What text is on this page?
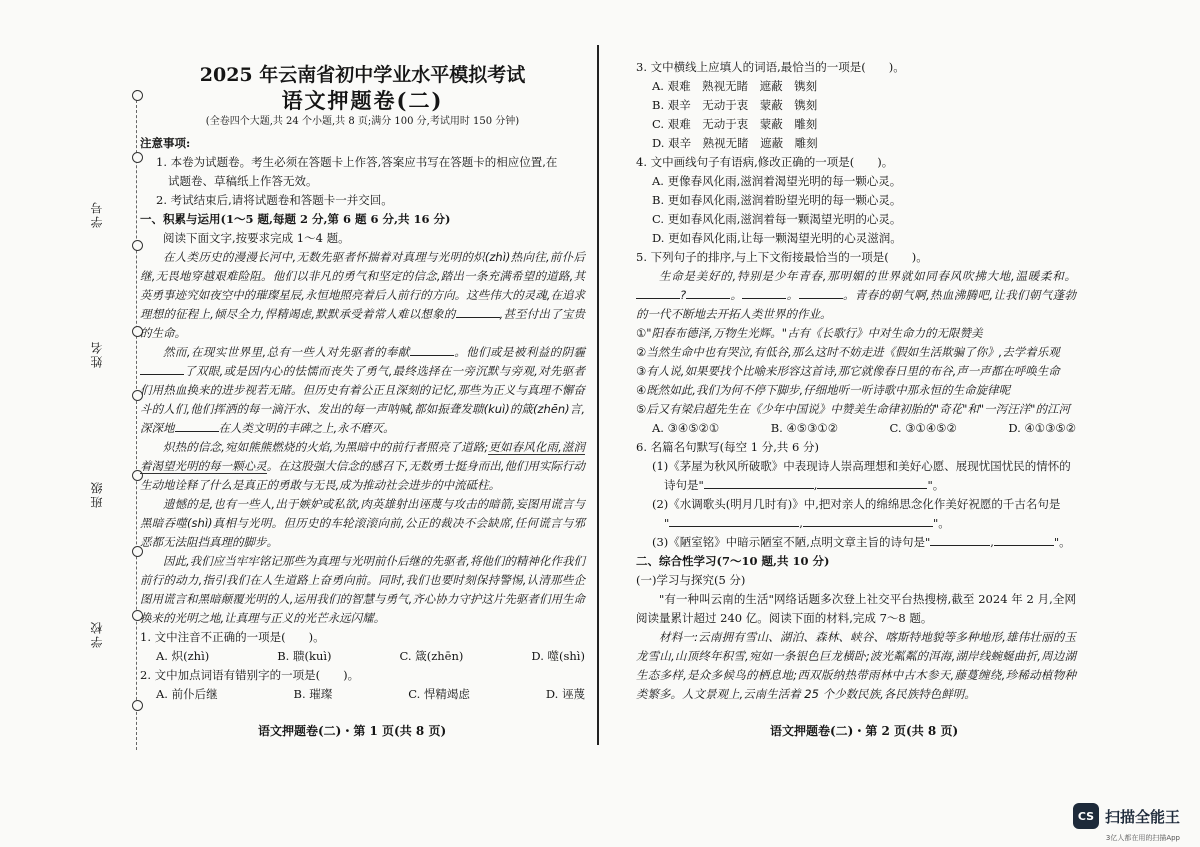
学号
姓名
班级
学校
2025 年云南省初中学业水平模拟考试
语文押题卷(二)
(全卷四个大题,共 24 个小题,共 8 页;满分 100 分,考试用时 150 分钟)
注意事项:
1. 本卷为试题卷。考生必须在答题卡上作答,答案应书写在答题卡的相应位置,在
试题卷、草稿纸上作答无效。
2. 考试结束后,请将试题卷和答题卡一并交回。
一、积累与运用(1～5 题,每题 2 分,第 6 题 6 分,共 16 分)

阅读下面文字,按要求完成 1～4 题。

在人类历史的漫漫长河中,无数先驱者怀揣着对真理与光明的炽(zhì)热向往,前仆后继,无畏地穿越艰难险阻。他们以非凡的勇气和坚定的信念,踏出一条充满希望的道路,其英勇事迹究如夜空中的璀璨星辰,永恒地照亮着后人前行的方向。这些伟大的灵魂,在追求理想的征程上,倾尽全力,悍精竭虑,默默承受着常人难以想象的	,甚至付出了宝贵的生命。

然而,在现实世界里,总有一些人对先驱者的奉献	。他们或是被利益的阴霾了双眼,或是因内心的怯懦而丧失了勇气,最终选择在一旁沉默与旁观,对先驱者们用热血换来的进步视若无睹。但历史有着公正且深刻的记忆,那些为正义与真理不懈奋斗的人们,他们挥洒的每一滴汗水、发出的每一声呐喊,都如振聋发聩(kuì)的箴(zhēn)言,深深地	在人类文明的丰碑之上,永不磨灭。

炽热的信念,宛如熊熊燃烧的火焰,为黑暗中的前行者照亮了道路;更如春风化雨,滋润着渴望光明的每一颗心灵。在这股强大信念的感召下,无数勇士挺身而出,他们用实际行动生动地诠释了什么是真正的勇敢与无畏,成为推动社会进步的中流砥柱。

遗憾的是,也有一些人,出于嫉妒或私欲,肉英雄射出诬蔑与攻击的暗箭,妄图用谎言与黑暗吞噬(shì)真相与光明。但历史的车轮滚滚向前,公正的裁决不会缺席,任何谎言与邪恶都无法阻挡真理的脚步。

因此,我们应当牢牢铭记那些为真理与光明前仆后继的先驱者,将他们的精神化作我们前行的动力,指引我们在人生道路上奋勇向前。同时,我们也要时刻保持警惕,认清那些企图用谎言和黑暗颠覆光明的人,运用我们的智慧与勇气,齐心协力守护这片先驱者们用生命换来的光明之地,让真理与正义的光芒永远闪耀。

1. 文中注音不正确的一项是(　　)。
A. 炽(zhì)	B. 聩(kuì)	C. 箴(zhēn)	D. 噬(shì)
2. 文中加点词语有错别字的一项是(　　)。
A. 前仆后继	B. 璀璨	C. 悍精竭虑	D. 诬蔑
语文押题卷(二)・第 1 页(共 8 页)
3. 文中横线上应填人的词语,最恰当的一项是(　　)。
A. 艰难　熟视无睹　遮蔽　镌刻
B. 艰辛　无动于衷　蒙蔽　镌刻
C. 艰难　无动于衷　蒙蔽　雕刻
D. 艰辛　熟视无睹　遮蔽　雕刻
4. 文中画线句子有语病,修改正确的一项是(　　)。
A. 更像春风化雨,滋润着渴望光明的每一颗心灵。
B. 更如春风化雨,滋润着盼望光明的每一颗心灵。
C. 更如春风化雨,滋润着每一颗渴望光明的心灵。
D. 更如春风化雨,让每一颗渴望光明的心灵滋润。
5. 下列句子的排序,与上下文衔接最恰当的一项是(　　)。

生命是美好的,特别是少年青春,那明媚的世界就如同春风吹拂大地,温暖柔和。?	。	。	。青春的朝气啊,热血沸腾吧,让我们朝气蓬勃的一代不断地去开拓人类世界的作业。

①"阳春布德泽,万物生光辉。"古有《长歌行》中对生命力的无限赞美
②当然生命中也有哭泣,有低谷,那么这时不妨走进《假如生活欺骗了你》,去学着乐观
③有人说,如果要找个比喻来形容这首诗,那它就像春日里的布谷,声一声都在呼唤生命
④既然如此,我们为何不停下脚步,仔细地听一听诗歌中那永恒的生命旋律呢
⑤后又有梁启超先生在《少年中国说》中赞美生命律初胎的"奇花"和"一泻汪洋"的江河
A. ③④⑤②①	B. ④⑤③①②	C. ③①④⑤②	D. ④①③⑤②
6. 名篇名句默写(每空 1 分,共 6 分)
(1)《茅屋为秋风所破歌》中表现诗人崇高理想和美好心愿、展现忧国忧民的情怀的
诗句是"	,	"。
(2)《水调歌头(明月几时有)》中,把对亲人的绵绵思念化作美好祝愿的千古名句是
"	,	"。
(3)《陋室铭》中暗示陋室不陋,点明文章主旨的诗句是"	,	"。
二、综合性学习(7～10 题,共 10 分)
(一)学习与探究(5 分)

"有一种叫云南的生活"网络话题多次登上社交平台热搜榜,截至 2024 年 2 月,全网阅读量累计超过 240 亿。阅读下面的材料,完成 7～8 题。

材料一:云南拥有雪山、湖泊、森林、峡谷、喀斯特地貌等多种地形,雄伟壮丽的玉龙雪山,山顶终年积雪,宛如一条银色巨龙横卧;波光粼粼的洱海,湖岸线蜿蜒曲折,周边湖生态多样,是众多候鸟的栖息地;西双版纳热带雨林中古木参天,藤蔓缠绕,珍稀动植物种类繁多。人文景观上,云南生活着 25 个少数民族,各民族特色鲜明。

语文押题卷(二)・第 2 页(共 8 页)
CS 扫描全能王
3亿人都在用的扫描App
